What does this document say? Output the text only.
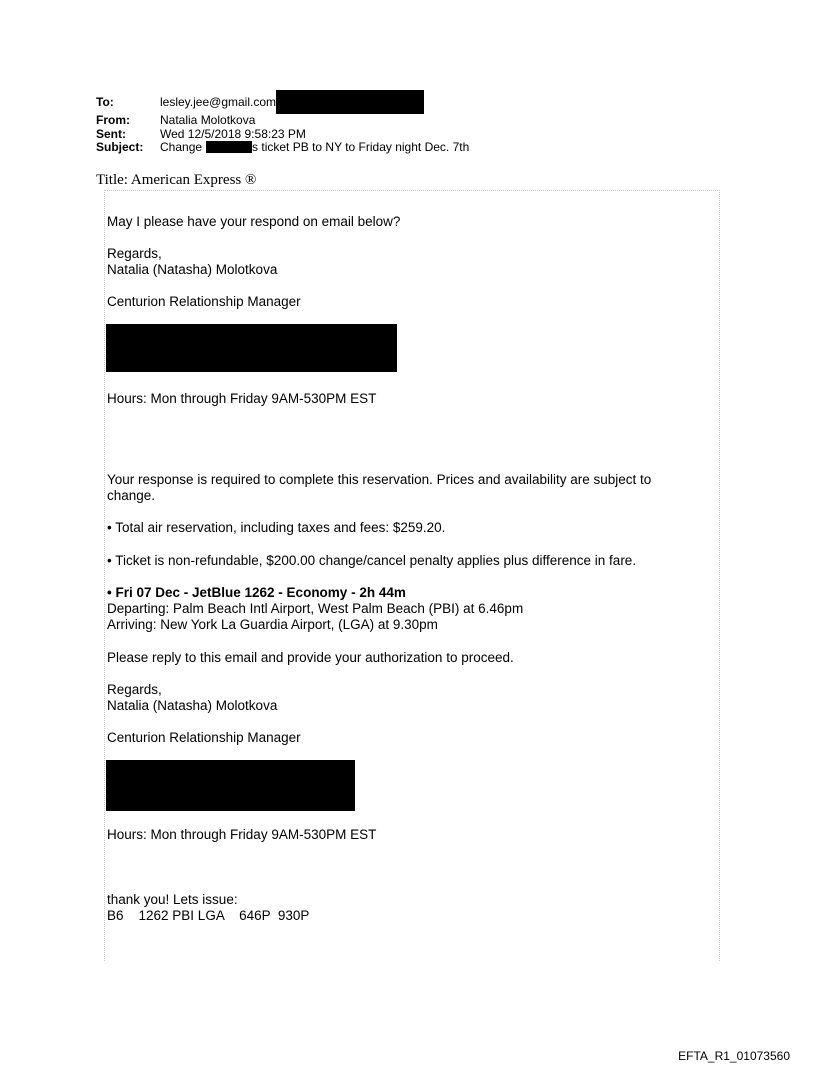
To:	lesley.jee@gmail.com
From:	Natalia Molotkova
Sent:	Wed 12/5/2018 9:58:23 PM
Subject:	Change	s ticket PB to NY to Friday night Dec. 7th
Title: American Express ®
May I please have your respond on email below?
Regards,
Natalia (Natasha) Molotkova
Centurion Relationship Manager
Hours: Mon through Friday 9AM-530PM EST
Your response is required to complete this reservation. Prices and availability are subject to change.
• Total air reservation, including taxes and fees: $259.20.
• Ticket is non-refundable, $200.00 change/cancel penalty applies plus difference in fare.
• Fri 07 Dec - JetBlue 1262 - Economy - 2h 44m
Departing: Palm Beach Intl Airport, West Palm Beach (PBI) at 6.46pm
Arriving: New York La Guardia Airport, (LGA) at 9.30pm
Please reply to this email and provide your authorization to proceed.
Regards,
Natalia (Natasha) Molotkova
Centurion Relationship Manager
Hours: Mon through Friday 9AM-530PM EST
thank you! Lets issue:
B6    1262 PBI LGA    646P  930P
EFTA_R1_01073560
